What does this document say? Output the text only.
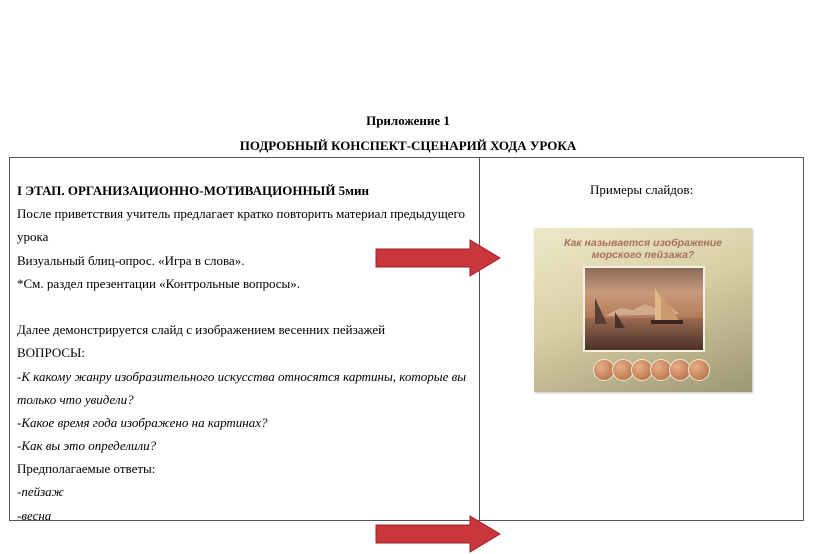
Приложение 1
ПОДРОБНЫЙ КОНСПЕКТ-СЦЕНАРИЙ ХОДА УРОКА
I ЭТАП. ОРГАНИЗАЦИОННО-МОТИВАЦИОННЫЙ 5мин
После приветствия учитель предлагает кратко повторить материал предыдущего
урока
Визуальный блиц-опрос. «Игра в слова».
*См. раздел презентации «Контрольные вопросы».
Далее демонстрируется слайд с изображением весенних пейзажей
ВОПРОСЫ:
-К какому жанру изобразительного искусства относятся картины, которые вы
только что увидели?
-Какое время года изображено на картинах?
-Как вы это определили?
Предполагаемые ответы:
-пейзаж
-весна
Примеры слайдов:
Как называется изображение
морского пейзажа?
